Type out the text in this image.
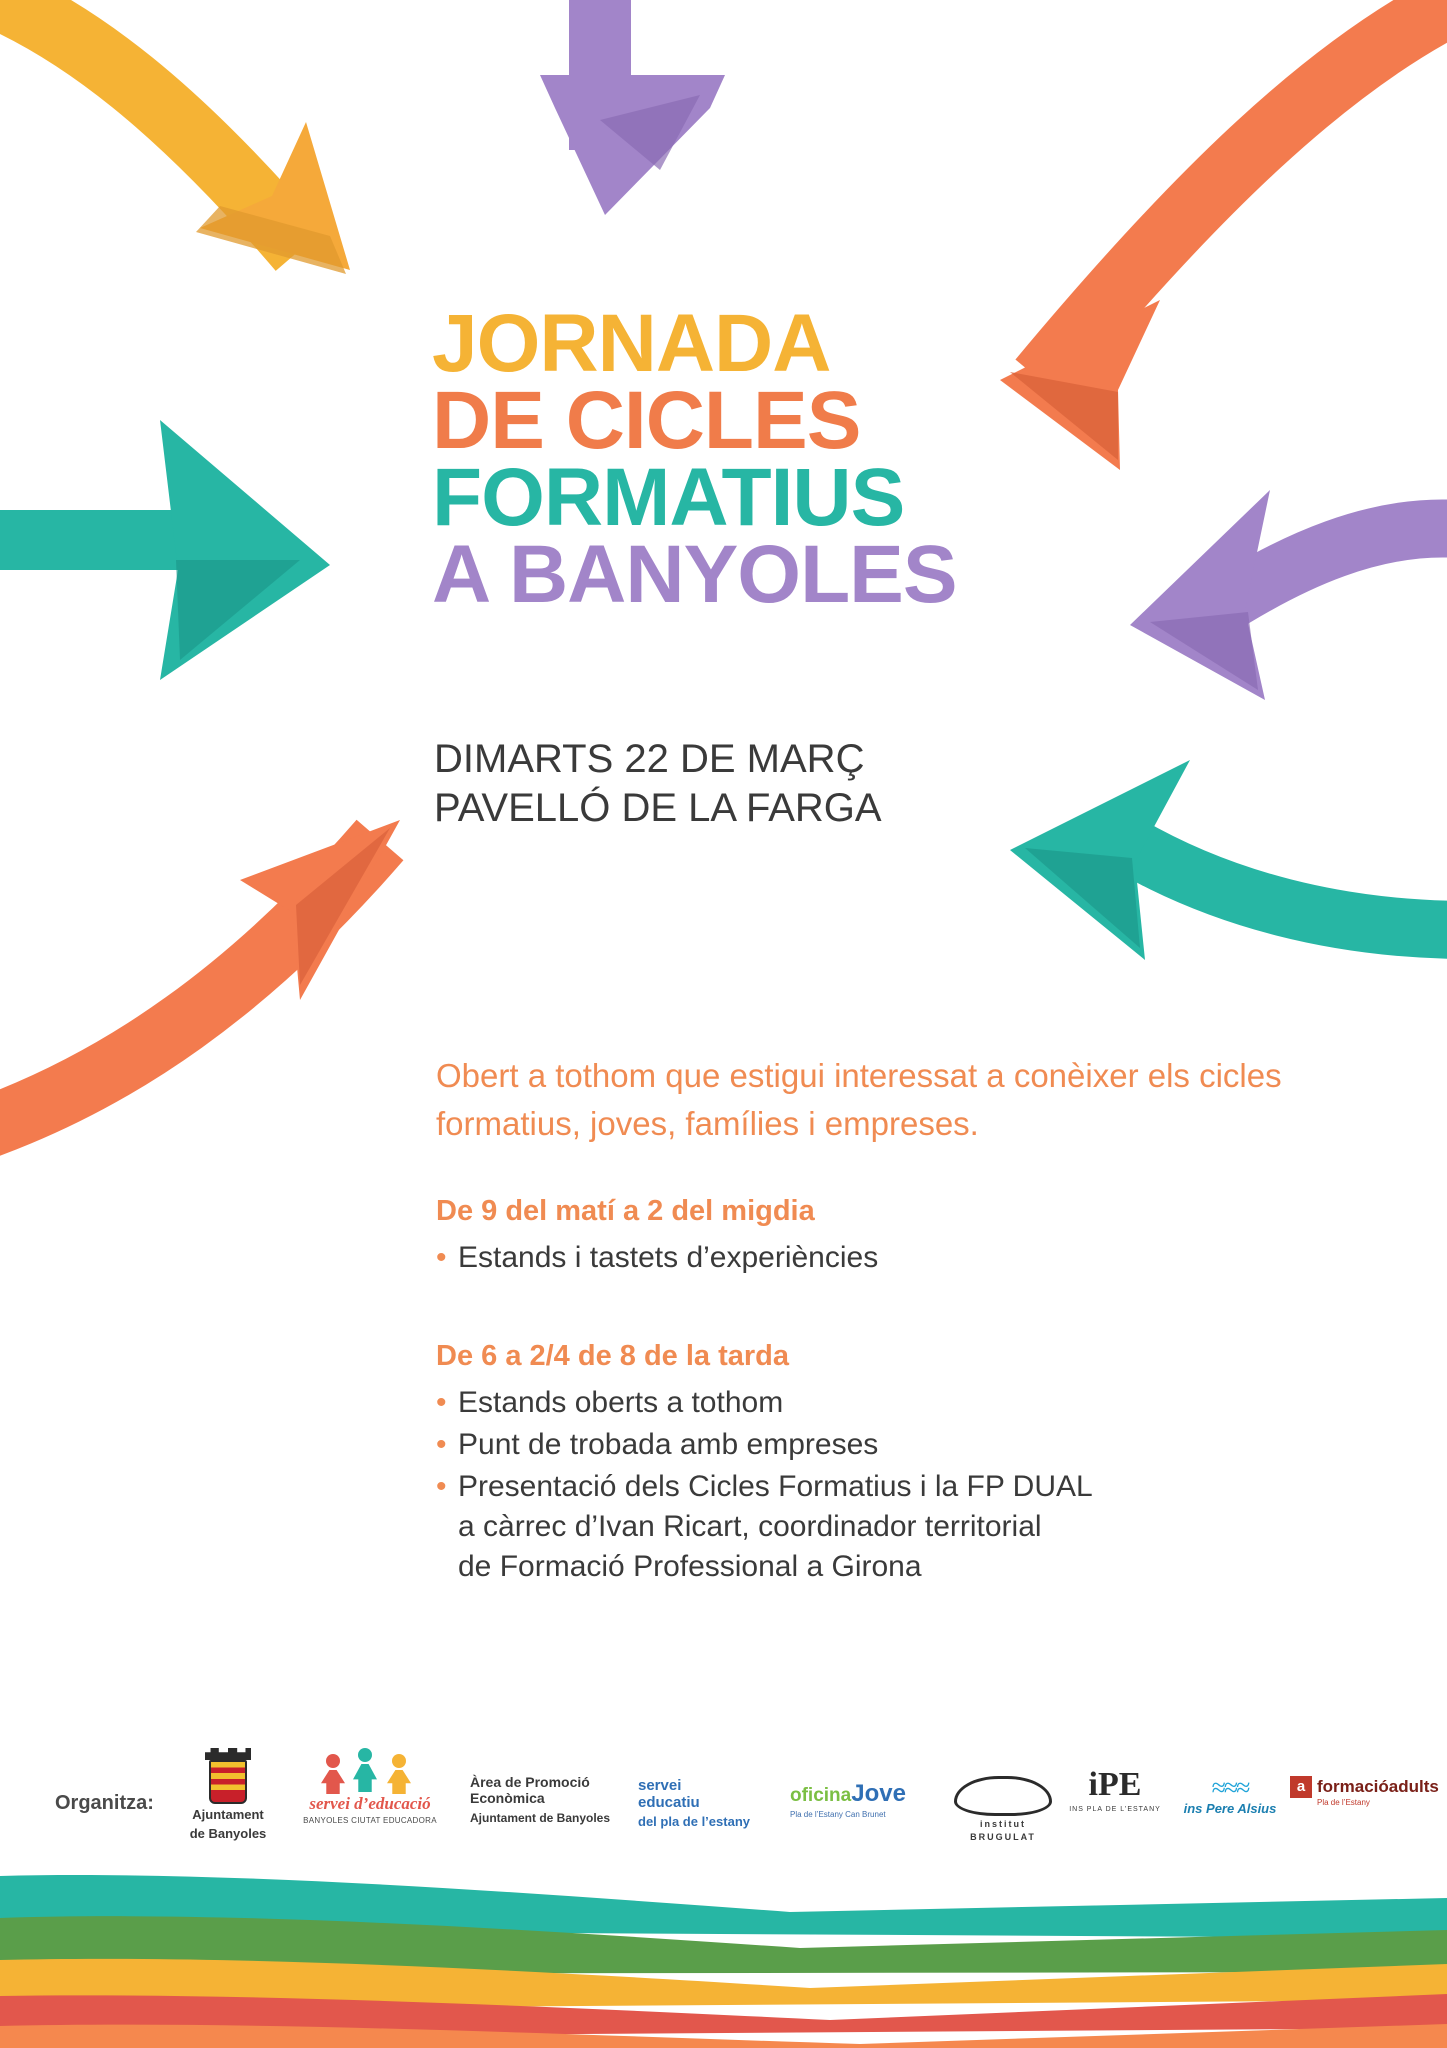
JORNADA

DE CICLES

FORMATIUS

A BANYOLES

DIMARTS 22 DE MARÇ
PAVELLÓ DE LA FARGA
Obert a tothom que estigui interessat a conèixer els cicles formatius, joves, famílies i empreses.
De 9 del matí a 2 del migdia
• Estands i tastets d’experiències
De 6 a 2/4 de 8 de la tarda
• Estands oberts a tothom
• Punt de trobada amb empreses
• Presentació dels Cicles Formatius i la FP DUAL
a càrrec d’Ivan Ricart, coordinador territorial
de Formació Professional a Girona
Organitza:
Ajuntament
de Banyoles
servei d’educació
BANYOLES CIUTAT EDUCADORA
Àrea de Promoció
Econòmica
Ajuntament de Banyoles
servei
educatiu
del pla de l’estany
oficinaJove
Pla de l’Estany Can Brunet
institut
BRUGULAT
iPE
INS PLA DE L’ESTANY
≈≈≈
ins Pere Alsius
a formacióadults
Pla de l’Estany
